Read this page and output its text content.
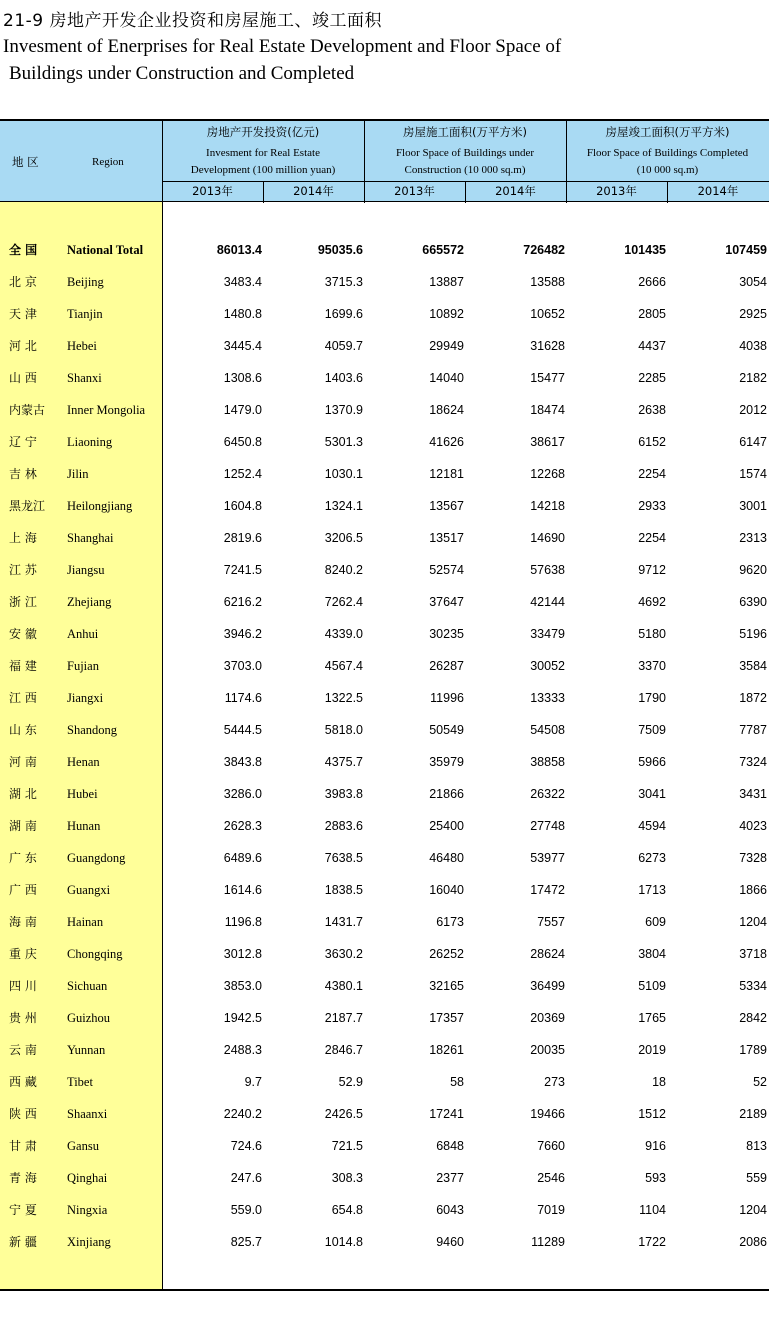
21-9 房地产开发企业投资和房屋施工、竣工面积
Invesment of Enerprises for Real Estate Development and Floor Space of
Buildings under Construction and Completed
地 区	Region
房地产开发投资(亿元)
Invesment for Real Estate
Development (100 million yuan)
房屋施工面积(万平方米)
Floor Space of Buildings under
Construction (10 000 sq.m)
房屋竣工面积(万平方米)
Floor Space of Buildings Completed
(10 000 sq.m)
2013年	2014年	2013年	2014年	2013年	2014年
全 国 National Total	86013.4	95035.6	665572	726482	101435	107459
北 京 Beijing	3483.4	3715.3	13887	13588	2666	3054
天 津 Tianjin	1480.8	1699.6	10892	10652	2805	2925
河 北 Hebei	3445.4	4059.7	29949	31628	4437	4038
山 西 Shanxi	1308.6	1403.6	14040	15477	2285	2182
内蒙古 Inner Mongolia	1479.0	1370.9	18624	18474	2638	2012
辽 宁 Liaoning	6450.8	5301.3	41626	38617	6152	6147
吉 林 Jilin	1252.4	1030.1	12181	12268	2254	1574
黑龙江 Heilongjiang	1604.8	1324.1	13567	14218	2933	3001
上 海 Shanghai	2819.6	3206.5	13517	14690	2254	2313
江 苏 Jiangsu	7241.5	8240.2	52574	57638	9712	9620
浙 江 Zhejiang	6216.2	7262.4	37647	42144	4692	6390
安 徽 Anhui	3946.2	4339.0	30235	33479	5180	5196
福 建 Fujian	3703.0	4567.4	26287	30052	3370	3584
江 西 Jiangxi	1174.6	1322.5	11996	13333	1790	1872
山 东 Shandong	5444.5	5818.0	50549	54508	7509	7787
河 南 Henan	3843.8	4375.7	35979	38858	5966	7324
湖 北 Hubei	3286.0	3983.8	21866	26322	3041	3431
湖 南 Hunan	2628.3	2883.6	25400	27748	4594	4023
广 东 Guangdong	6489.6	7638.5	46480	53977	6273	7328
广 西 Guangxi	1614.6	1838.5	16040	17472	1713	1866
海 南 Hainan	1196.8	1431.7	6173	7557	609	1204
重 庆 Chongqing	3012.8	3630.2	26252	28624	3804	3718
四 川 Sichuan	3853.0	4380.1	32165	36499	5109	5334
贵 州 Guizhou	1942.5	2187.7	17357	20369	1765	2842
云 南 Yunnan	2488.3	2846.7	18261	20035	2019	1789
西 藏 Tibet	9.7	52.9	58	273	18	52
陕 西 Shaanxi	2240.2	2426.5	17241	19466	1512	2189
甘 肃 Gansu	724.6	721.5	6848	7660	916	813
青 海 Qinghai	247.6	308.3	2377	2546	593	559
宁 夏 Ningxia	559.0	654.8	6043	7019	1104	1204
新 疆 Xinjiang	825.7	1014.8	9460	11289	1722	2086
